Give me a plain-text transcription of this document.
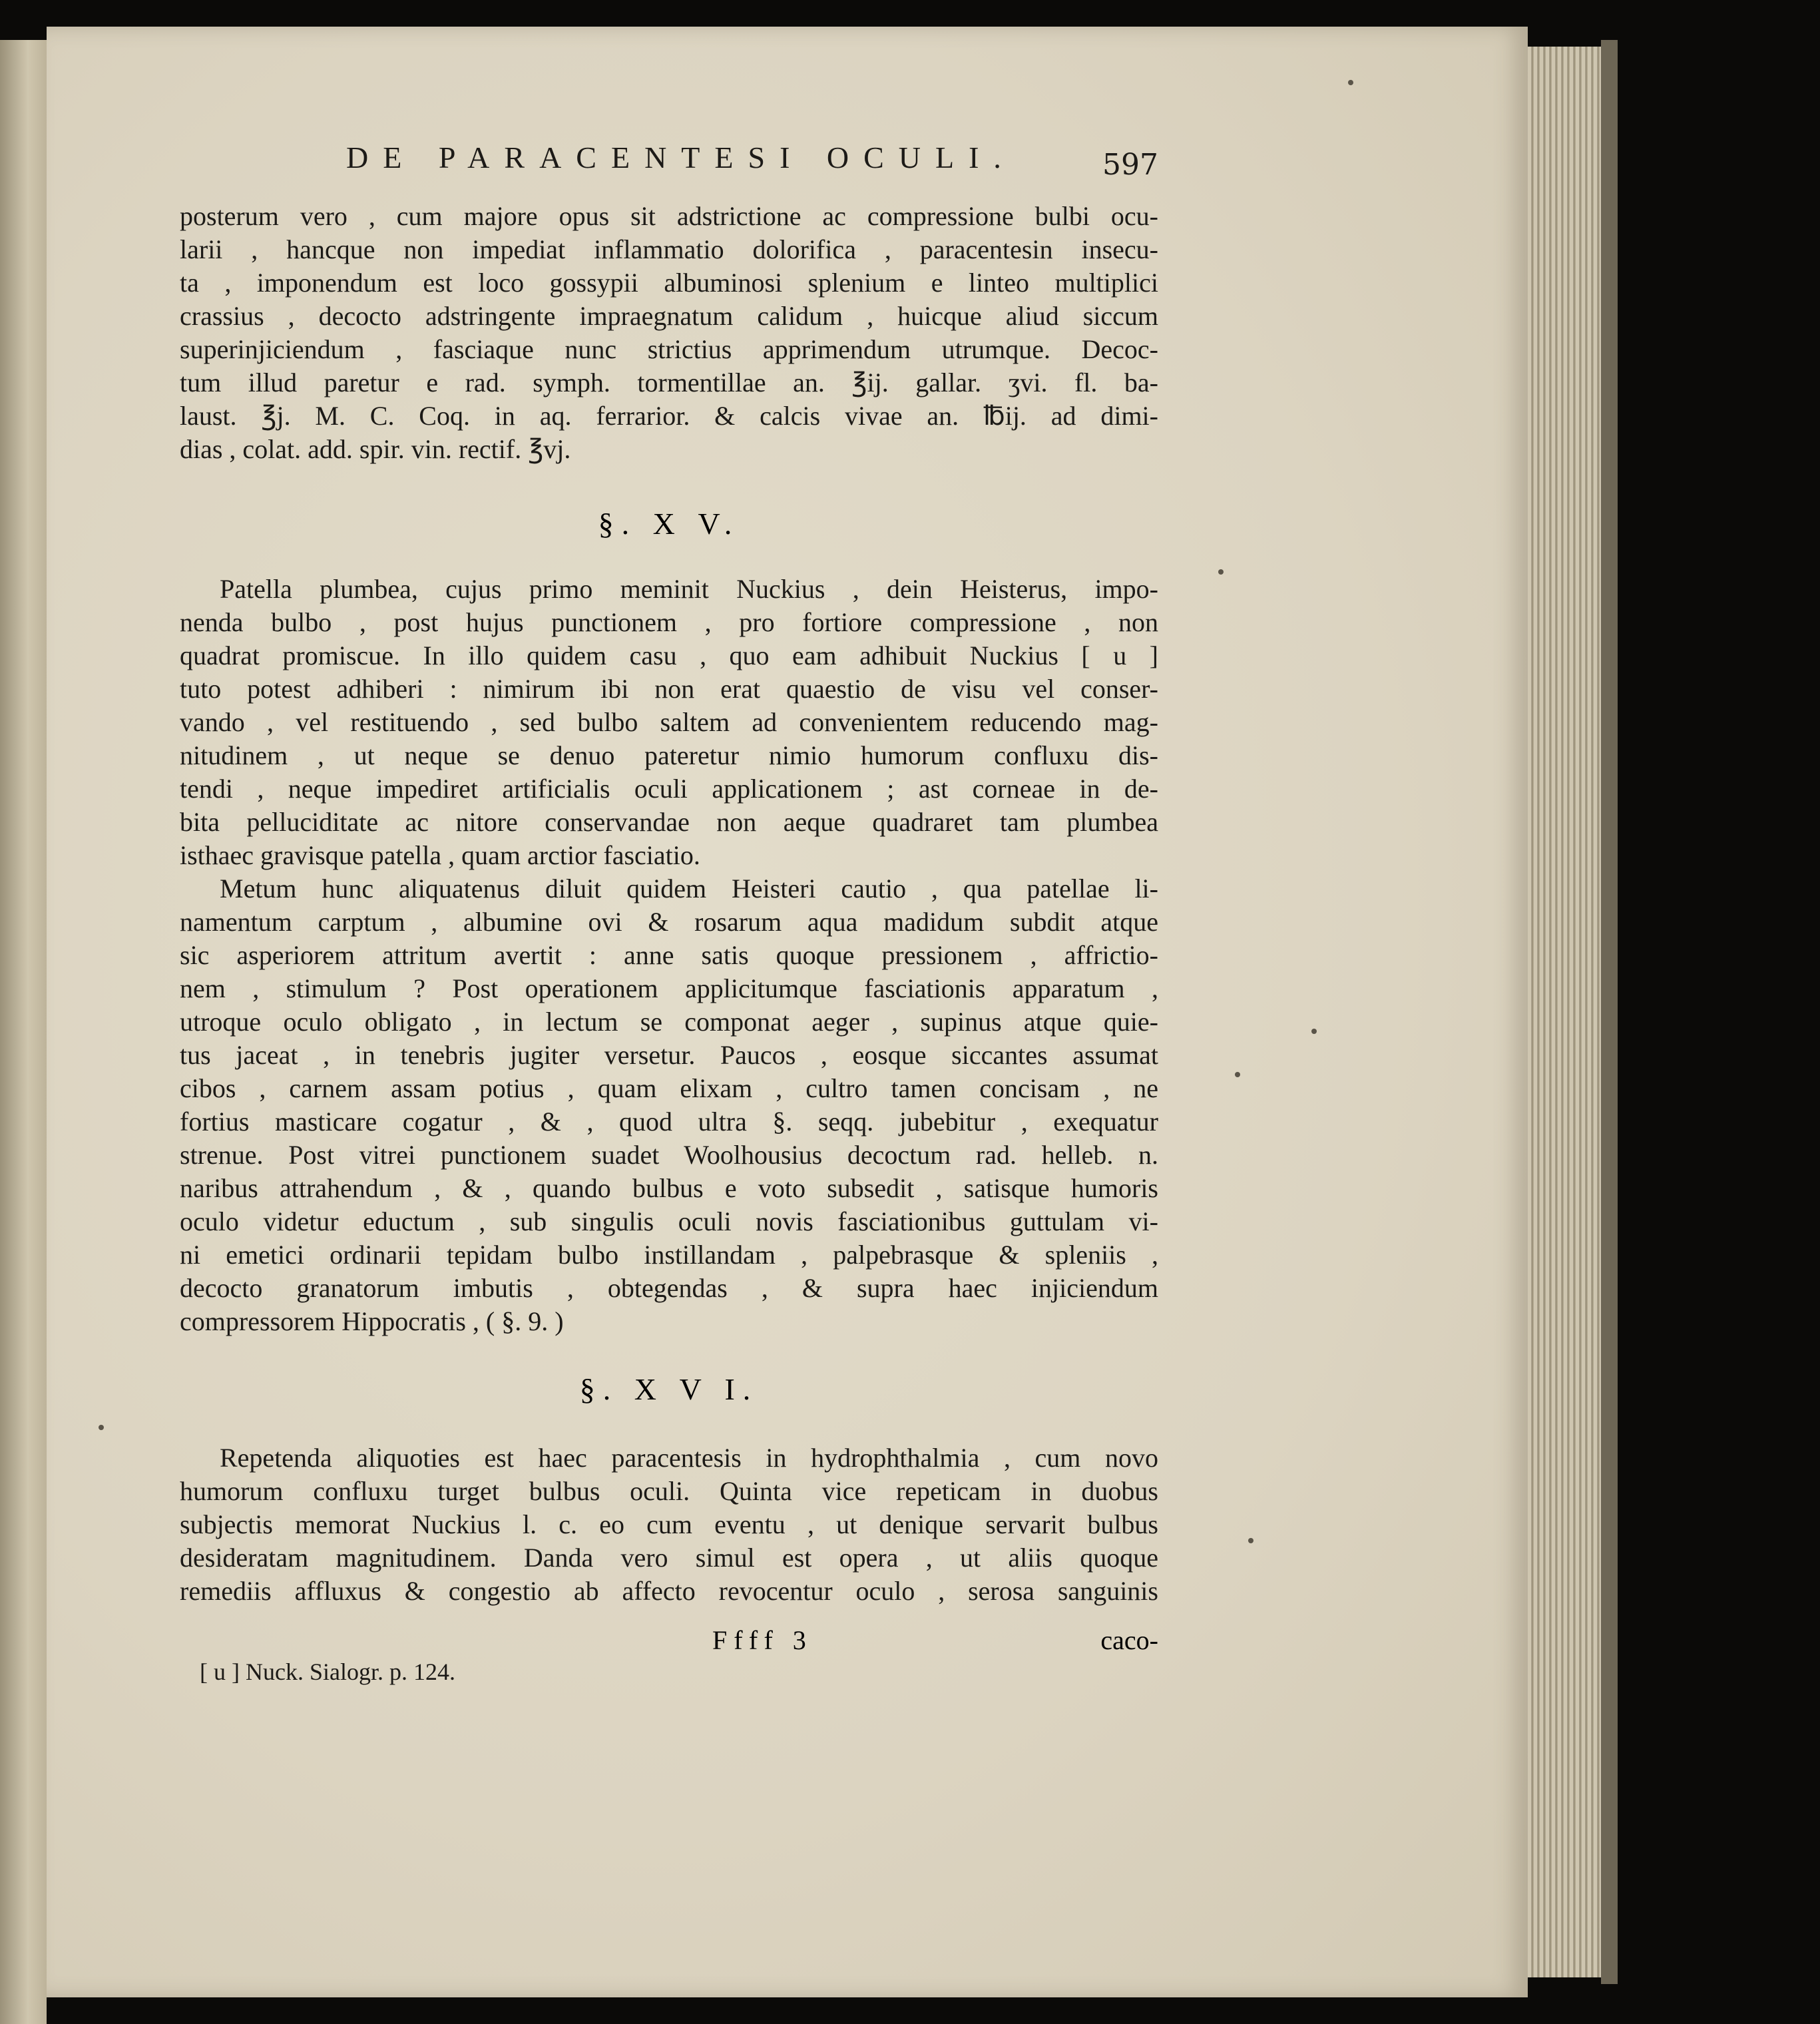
DE PARACENTESI OCULI.	597
posterum vero , cum majore opus sit adstrictione ac compressione bulbi ocu-
larii , hancque non impediat inflammatio dolorifica , paracentesin insecu-
ta , imponendum est loco gossypii albuminosi splenium e linteo multiplici
crassius , decocto adstringente impraegnatum calidum , huicque aliud siccum
superinjiciendum , fasciaque nunc strictius apprimendum utrumque. Decoc-
tum illud paretur e rad. symph. tormentillae an. ℥ij. gallar. ʒvi. fl. ba-
laust. ℥j. M. C. Coq. in aq. ferrarior. & calcis vivae an. ℔ij. ad dimi-
dias , colat. add. spir. vin. rectif. ℥vj.
§. X V.
Patella plumbea, cujus primo meminit Nuckius , dein Heisterus, impo-
nenda bulbo , post hujus punctionem , pro fortiore compressione , non
quadrat promiscue. In illo quidem casu , quo eam adhibuit Nuckius [ u ]
tuto potest adhiberi : nimirum ibi non erat quaestio de visu vel conser-
vando , vel restituendo , sed bulbo saltem ad convenientem reducendo mag-
nitudinem , ut neque se denuo pateretur nimio humorum confluxu dis-
tendi , neque impediret artificialis oculi applicationem ; ast corneae in de-
bita pelluciditate ac nitore conservandae non aeque quadraret tam plumbea
isthaec gravisque patella , quam arctior fasciatio.
Metum hunc aliquatenus diluit quidem Heisteri cautio , qua patellae li-
namentum carptum , albumine ovi & rosarum aqua madidum subdit atque
sic asperiorem attritum avertit : anne satis quoque pressionem , affrictio-
nem , stimulum ? Post operationem applicitumque fasciationis apparatum ,
utroque oculo obligato , in lectum se componat aeger , supinus atque quie-
tus jaceat , in tenebris jugiter versetur. Paucos , eosque siccantes assumat
cibos , carnem assam potius , quam elixam , cultro tamen concisam , ne
fortius masticare cogatur , & , quod ultra §. seqq. jubebitur , exequatur
strenue. Post vitrei punctionem suadet Woolhousius decoctum rad. helleb. n.
naribus attrahendum , & , quando bulbus e voto subsedit , satisque humoris
oculo videtur eductum , sub singulis oculi novis fasciationibus guttulam vi-
ni emetici ordinarii tepidam bulbo instillandam , palpebrasque & spleniis ,
decocto granatorum imbutis , obtegendas , & supra haec injiciendum
compressorem Hippocratis , ( §. 9. )
§. X V I.
Repetenda aliquoties est haec paracentesis in hydrophthalmia , cum novo
humorum confluxu turget bulbus oculi. Quinta vice repeticam in duobus
subjectis memorat Nuckius l. c. eo cum eventu , ut denique servarit bulbus
desideratam magnitudinem. Danda vero simul est opera , ut aliis quoque
remediis affluxus & congestio ab affecto revocentur oculo , serosa sanguinis
Ffff 3	caco-
[ u ] Nuck. Sialogr. p. 124.
